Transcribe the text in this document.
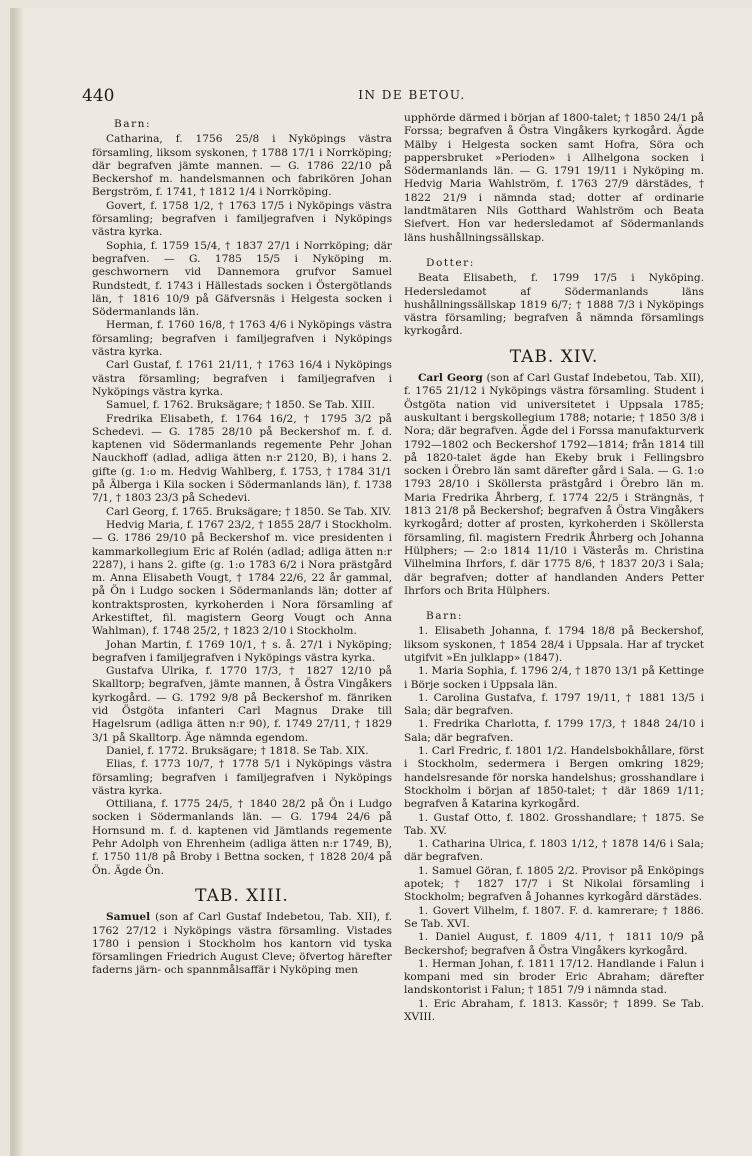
440	IN DE BETOU.
Barn:

Catharina, f. 1756 25/8 i Nyköpings västra församling, liksom syskonen, † 1788 17/1 i Norrköping; där begrafven jämte mannen. — G. 1786 22/10 på Beckershof m. handelsmannen och fabrikören Johan Bergström, f. 1741, † 1812 1/4 i Norrköping.

Govert, f. 1758 1/2, † 1763 17/5 i Nyköpings västra församling; begrafven i familjegrafven i Nyköpings västra kyrka.

Sophia, f. 1759 15/4, † 1837 27/1 i Norrköping; där begrafven. — G. 1785 15/5 i Nyköping m. geschwornern vid Dannemora grufvor Samuel Rundstedt, f. 1743 i Hällestads socken i Östergötlands län, † 1816 10/9 på Gäfversnäs i Helgesta socken i Södermanlands län.

Herman, f. 1760 16/8, † 1763 4/6 i Nyköpings västra församling; begrafven i familjegrafven i Nyköpings västra kyrka.

Carl Gustaf, f. 1761 21/11, † 1763 16/4 i Nyköpings västra församling; begrafven i familjegrafven i Nyköpings västra kyrka.

Samuel, f. 1762. Bruksägare; † 1850. Se Tab. XIII.

Fredrika Elisabeth, f. 1764 16/2, † 1795 3/2 på Schedevi. — G. 1785 28/10 på Beckershof m. f. d. kaptenen vid Södermanlands regemente Pehr Johan Nauckhoff (adlad, adliga ätten n:r 2120, B), i hans 2. gifte (g. 1:o m. Hedvig Wahlberg, f. 1753, † 1784 31/1 på Älberga i Kila socken i Södermanlands län), f. 1738 7/1, † 1803 23/3 på Schedevi.

Carl Georg, f. 1765. Bruksägare; † 1850. Se Tab. XIV.

Hedvig Maria, f. 1767 23/2, † 1855 28/7 i Stockholm. — G. 1786 29/10 på Beckershof m. vice presidenten i kammarkollegium Eric af Rolén (adlad; adliga ätten n:r 2287), i hans 2. gifte (g. 1:o 1783 6/2 i Nora prästgård m. Anna Elisabeth Vougt, † 1784 22/6, 22 år gammal, på Ön i Ludgo socken i Södermanlands län; dotter af kontraktsprosten, kyrkoherden i Nora församling af Arkestiftet, fil. magistern Georg Vougt och Anna Wahlman), f. 1748 25/2, † 1823 2/10 i Stockholm.

Johan Martin, f. 1769 10/1, † s. å. 27/1 i Nyköping; begrafven i familjegrafven i Nyköpings västra kyrka.

Gustafva Ulrika, f. 1770 17/3, † 1827 12/10 på Skalltorp; begrafven, jämte mannen, å Östra Vingåkers kyrkogård. — G. 1792 9/8 på Beckershof m. fänriken vid Östgöta infanteri Carl Magnus Drake till Hagelsrum (adliga ätten n:r 90), f. 1749 27/11, † 1829 3/1 på Skalltorp. Äge nämnda egendom.

Daniel, f. 1772. Bruksägare; † 1818. Se Tab. XIX.

Elias, f. 1773 10/7, † 1778 5/1 i Nyköpings västra församling; begrafven i familjegrafven i Nyköpings västra kyrka.

Ottiliana, f. 1775 24/5, † 1840 28/2 på Ön i Ludgo socken i Södermanlands län. — G. 1794 24/6 på Hornsund m. f. d. kaptenen vid Jämtlands regemente Pehr Adolph von Ehrenheim (adliga ätten n:r 1749, B), f. 1750 11/8 på Broby i Bettna socken, † 1828 20/4 på Ön. Ägde Ön.

TAB. XIII.

Samuel (son af Carl Gustaf Indebetou, Tab. XII), f. 1762 27/12 i Nyköpings västra församling. Vistades 1780 i pension i Stockholm hos kantorn vid tyska församlingen Friedrich August Cleve; öfvertog härefter faderns järn- och spannmålsaffär i Nyköping men

upphörde därmed i början af 1800-talet; † 1850 24/1 på Forssa; begrafven å Östra Vingåkers kyrkogård. Ägde Mälby i Helgesta socken samt Hofra, Söra och pappersbruket »Perioden» i Allhelgona socken i Södermanlands län. — G. 1791 19/11 i Nyköping m. Hedvig Maria Wahlström, f. 1763 27/9 därstädes, † 1822 21/9 i nämnda stad; dotter af ordinarie landtmätaren Nils Gotthard Wahlström och Beata Siefvert. Hon var hedersledamot af Södermanlands läns hushållningssällskap.

Dotter:

Beata Elisabeth, f. 1799 17/5 i Nyköping. Hedersledamot af Södermanlands läns hushållningssällskap 1819 6/7; † 1888 7/3 i Nyköpings västra församling; begrafven å nämnda församlings kyrkogård.

TAB. XIV.

Carl Georg (son af Carl Gustaf Indebetou, Tab. XII), f. 1765 21/12 i Nyköpings västra församling. Student i Östgöta nation vid universitetet i Uppsala 1785; auskultant i bergskollegium 1788; notarie; † 1850 3/8 i Nora; där begrafven. Ägde del i Forssa manufakturverk 1792—1802 och Beckershof 1792—1814; från 1814 till på 1820-talet ägde han Ekeby bruk i Fellingsbro socken i Örebro län samt därefter gård i Sala. — G. 1:o 1793 28/10 i Sköllersta prästgård i Örebro län m. Maria Fredrika Åhrberg, f. 1774 22/5 i Strängnäs, † 1813 21/8 på Beckershof; begrafven å Östra Vingåkers kyrkogård; dotter af prosten, kyrkoherden i Sköllersta församling, fil. magistern Fredrik Åhrberg och Johanna Hülphers; — 2:o 1814 11/10 i Västerås m. Christina Vilhelmina Ihrfors, f. där 1775 8/6, † 1837 20/3 i Sala; där begrafven; dotter af handlanden Anders Petter Ihrfors och Brita Hülphers.

Barn:

1. Elisabeth Johanna, f. 1794 18/8 på Beckershof, liksom syskonen, † 1854 28/4 i Uppsala. Har af trycket utgifvit »En julklapp» (1847).

1. Maria Sophia, f. 1796 2/4, † 1870 13/1 på Kettinge i Börje socken i Uppsala län.

1. Carolina Gustafva, f. 1797 19/11, † 1881 13/5 i Sala; där begrafven.

1. Fredrika Charlotta, f. 1799 17/3, † 1848 24/10 i Sala; där begrafven.

1. Carl Fredric, f. 1801 1/2. Handelsbokhållare, först i Stockholm, sedermera i Bergen omkring 1829; handelsresande för norska handelshus; grosshandlare i Stockholm i början af 1850-talet; † där 1869 1/11; begrafven å Katarina kyrkogård.

1. Gustaf Otto, f. 1802. Grosshandlare; † 1875. Se Tab. XV.

1. Catharina Ulrica, f. 1803 1/12, † 1878 14/6 i Sala; där begrafven.

1. Samuel Göran, f. 1805 2/2. Provisor på Enköpings apotek; † 1827 17/7 i St Nikolai församling i Stockholm; begrafven å Johannes kyrkogård därstädes.

1. Govert Vilhelm, f. 1807. F. d. kamrerare; † 1886. Se Tab. XVI.

1. Daniel August, f. 1809 4/11, † 1811 10/9 på Beckershof; begrafven å Östra Vingåkers kyrkogård.

1. Herman Johan, f. 1811 17/12. Handlande i Falun i kompani med sin broder Eric Abraham; därefter landskontorist i Falun; † 1851 7/9 i nämnda stad.

1. Eric Abraham, f. 1813. Kassör; † 1899. Se Tab. XVIII.
